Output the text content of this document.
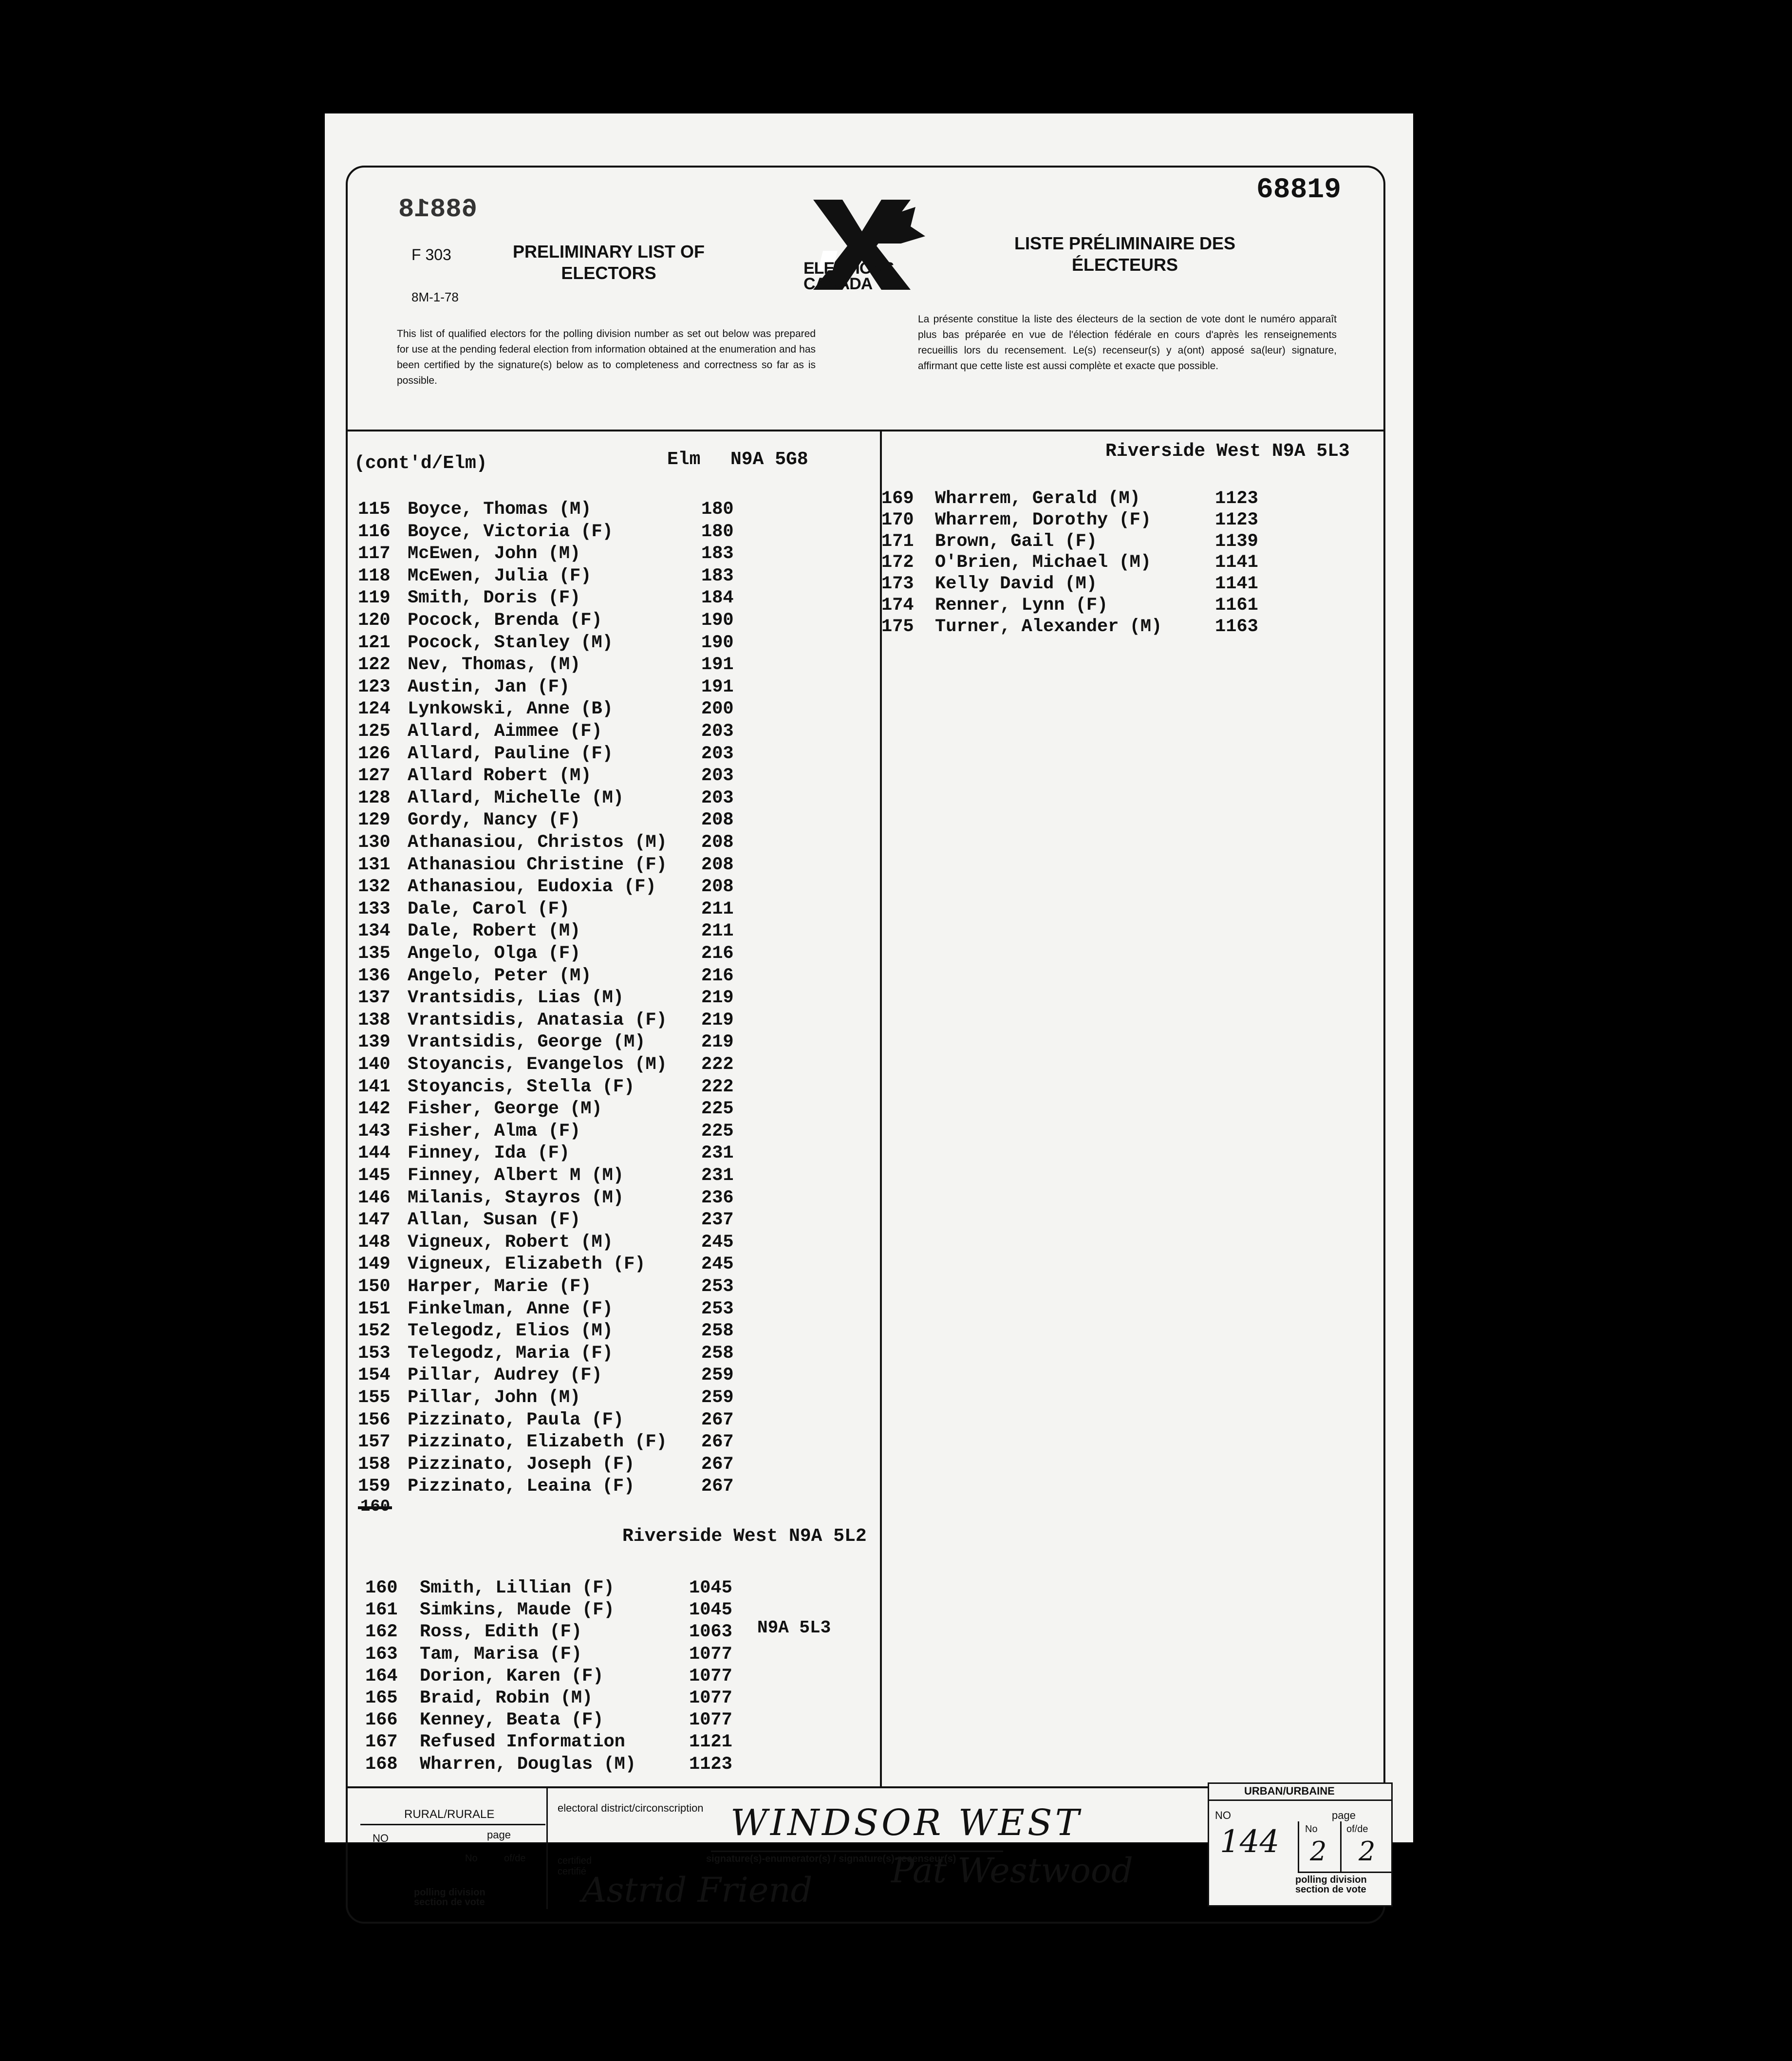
68818
68819
F 303
8M-1-78
PRELIMINARY LIST OF
ELECTORS
LISTE PRÉLIMINAIRE DES
ÉLECTEURS
ELECTIONS
CANADA
This list of qualified electors for the polling division number as set out below was prepared for use at the pending federal election from information obtained at the enumeration and has been certified by the signature(s) below as to completeness and correctness so far as is possible.
La présente constitue la liste des électeurs de la section de vote dont le numéro apparaît plus bas préparée en vue de l'élection fédérale en cours d'après les renseignements recueillis lors du recensement. Le(s) recenseur(s) y a(ont) apposé sa(leur) signature, affirmant que cette liste est aussi complète et exacte que possible.
(cont'd/Elm)	Elm N9A 5G8
115 Boyce, Thomas (M)	180
116 Boyce, Victoria (F)	180
117 McEwen, John (M)	183
118 McEwen, Julia (F)	183
119 Smith, Doris (F)	184
120 Pocock, Brenda (F)	190
121 Pocock, Stanley (M)	190
122 Nev, Thomas, (M)	191
123 Austin, Jan (F)	191
124 Lynkowski, Anne (B)	200
125 Allard, Aimmee (F)	203
126 Allard, Pauline (F)	203
127 Allard Robert (M)	203
128 Allard, Michelle (M)	203
129 Gordy, Nancy (F)	208
130 Athanasiou, Christos (M) 208
131 Athanasiou Christine (F) 208
132 Athanasiou, Eudoxia (F) 208
133 Dale, Carol (F)	211
134 Dale, Robert (M)	211
135 Angelo, Olga (F)	216
136 Angelo, Peter (M)	216
137 Vrantsidis, Lias (M)	219
138 Vrantsidis, Anatasia (F) 219
139 Vrantsidis, George (M)	219
140 Stoyancis, Evangelos (M) 222
141 Stoyancis, Stella (F)	222
142 Fisher, George (M)	225
143 Fisher, Alma (F)	225
144 Finney, Ida (F)	231
145 Finney, Albert M (M)	231
146 Milanis, Stayros (M)	236
147 Allan, Susan (F)	237
148 Vigneux, Robert (M)	245
149 Vigneux, Elizabeth (F)	245
150 Harper, Marie (F)	253
151 Finkelman, Anne (F)	253
152 Telegodz, Elios (M)	258
153 Telegodz, Maria (F)	258
154 Pillar, Audrey (F)	259
155 Pillar, John (M)	259
156 Pizzinato, Paula (F)	267
157 Pizzinato, Elizabeth (F) 267
158 Pizzinato, Joseph (F)	267
159 Pizzinato, Leaina (F)	267
Riverside West N9A 5L2
160 Smith, Lillian (F)	1045
161 Simkins, Maude (F)	1045
162 Ross, Edith (F)	1063
163 Tam, Marisa (F)	1077
164 Dorion, Karen (F)	1077
165 Braid, Robin (M)	1077
166 Kenney, Beata (F)	1077
167 Refused Information	1121
168 Wharren, Douglas (M)	1123
N9A 5L3
Riverside West N9A 5L3
169 Wharrem, Gerald (M)	1123
170 Wharrem, Dorothy (F)	1123
171 Brown, Gail (F)	1139
172 O'Brien, Michael (M)	1141
173 Kelly David (M)	1141
174 Renner, Lynn (F)	1161
175 Turner, Alexander (M)	1163
RURAL/RURALE
NO	page
No	of/de
polling division
section de vote
electoral district/circonscription WINDSOR WEST
signature(s)-enumerator(s) / signature(s)-recenseur(s)
certified
certifié
Astrid Friend Pat Westwood
URBAN/URBAINE
NO	page
No	of/de
144 2 2
polling division
section de vote
